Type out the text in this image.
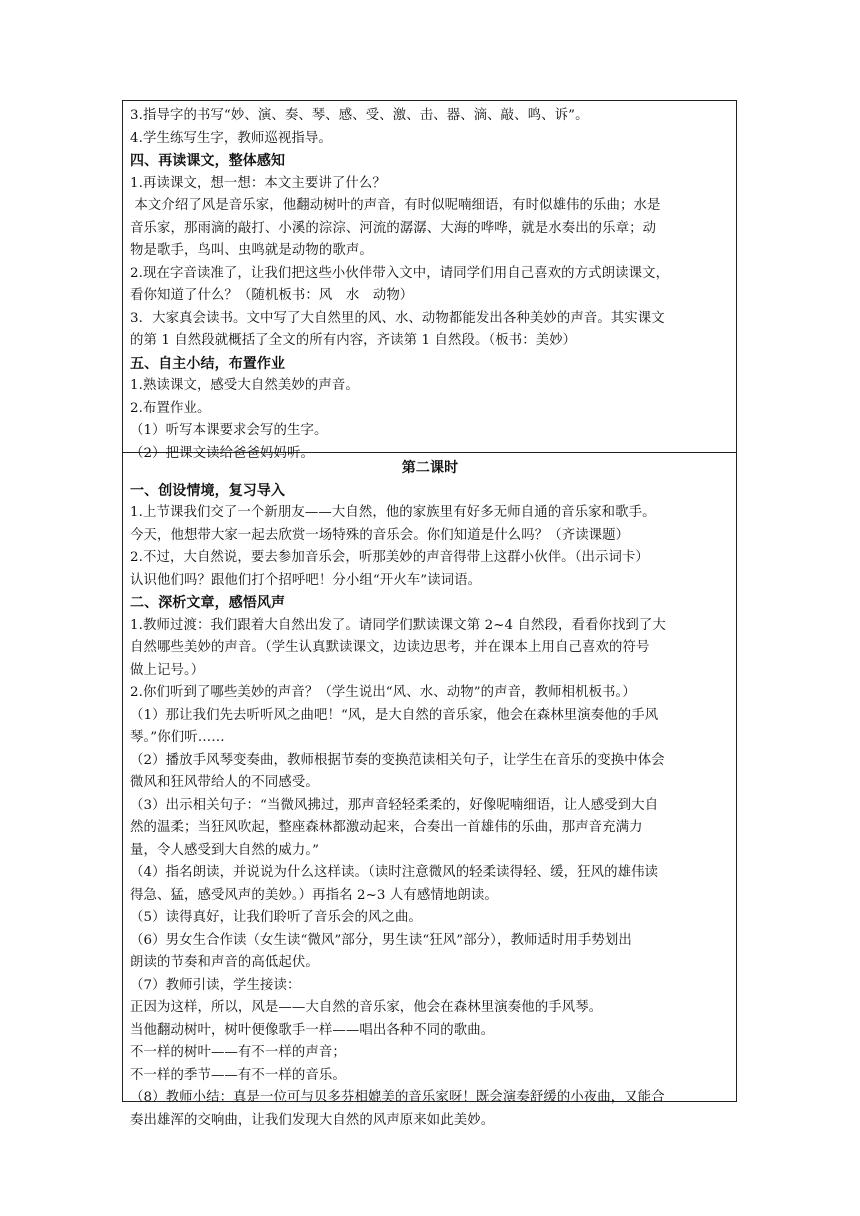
3.指导字的书写“妙、演、奏、琴、感、受、激、击、器、滴、敲、鸣、诉”。

4.学生练写生字，教师巡视指导。

四、再读课文，整体感知

1.再读课文，想一想：本文主要讲了什么？

本文介绍了风是音乐家，他翻动树叶的声音，有时似呢喃细语，有时似雄伟的乐曲；水是

音乐家，那雨滴的敲打、小溪的淙淙、河流的潺潺、大海的哗哗，就是水奏出的乐章；动

物是歌手，鸟叫、虫鸣就是动物的歌声。

2.现在字音读准了，让我们把这些小伙伴带入文中，请同学们用自己喜欢的方式朗读课文，

看你知道了什么？（随机板书：风　水　动物）

3．大家真会读书。文中写了大自然里的风、水、动物都能发出各种美妙的声音。其实课文

的第 1 自然段就概括了全文的所有内容，齐读第 1 自然段。（板书：美妙）

五、自主小结，布置作业

1.熟读课文，感受大自然美妙的声音。

2.布置作业。

（1）听写本课要求会写的生字。

（2）把课文读给爸爸妈妈听。

第二课时

一、创设情境，复习导入

1.上节课我们交了一个新朋友——大自然，他的家族里有好多无师自通的音乐家和歌手。

今天，他想带大家一起去欣赏一场特殊的音乐会。你们知道是什么吗？（齐读课题）

2.不过，大自然说，要去参加音乐会，听那美妙的声音得带上这群小伙伴。（出示词卡）

认识他们吗？跟他们打个招呼吧！分小组“开火车”读词语。

二、深析文章，感悟风声

1.教师过渡：我们跟着大自然出发了。请同学们默读课文第 2~4 自然段，看看你找到了大

自然哪些美妙的声音。（学生认真默读课文，边读边思考，并在课本上用自己喜欢的符号

做上记号。）

2.你们听到了哪些美妙的声音？（学生说出“风、水、动物”的声音，教师相机板书。）

（1）那让我们先去听听风之曲吧！“风，是大自然的音乐家，他会在森林里演奏他的手风

琴。”你们听……

（2）播放手风琴变奏曲，教师根据节奏的变换范读相关句子，让学生在音乐的变换中体会

微风和狂风带给人的不同感受。

（3）出示相关句子：“当微风拂过，那声音轻轻柔柔的，好像呢喃细语，让人感受到大自

然的温柔；当狂风吹起，整座森林都激动起来，合奏出一首雄伟的乐曲，那声音充满力

量，令人感受到大自然的威力。”

（4）指名朗读，并说说为什么这样读。（读时注意微风的轻柔读得轻、缓，狂风的雄伟读

得急、猛，感受风声的美妙。）再指名 2~3 人有感情地朗读。

（5）读得真好，让我们聆听了音乐会的风之曲。

（6）男女生合作读（女生读“微风”部分，男生读“狂风”部分），教师适时用手势划出

朗读的节奏和声音的高低起伏。

（7）教师引读，学生接读：

正因为这样，所以，风是——大自然的音乐家，他会在森林里演奏他的手风琴。

当他翻动树叶，树叶便像歌手一样——唱出各种不同的歌曲。

不一样的树叶——有不一样的声音；

不一样的季节——有不一样的音乐。

（8）教师小结：真是一位可与贝多芬相媲美的音乐家呀！既会演奏舒缓的小夜曲，又能合

奏出雄浑的交响曲，让我们发现大自然的风声原来如此美妙。
